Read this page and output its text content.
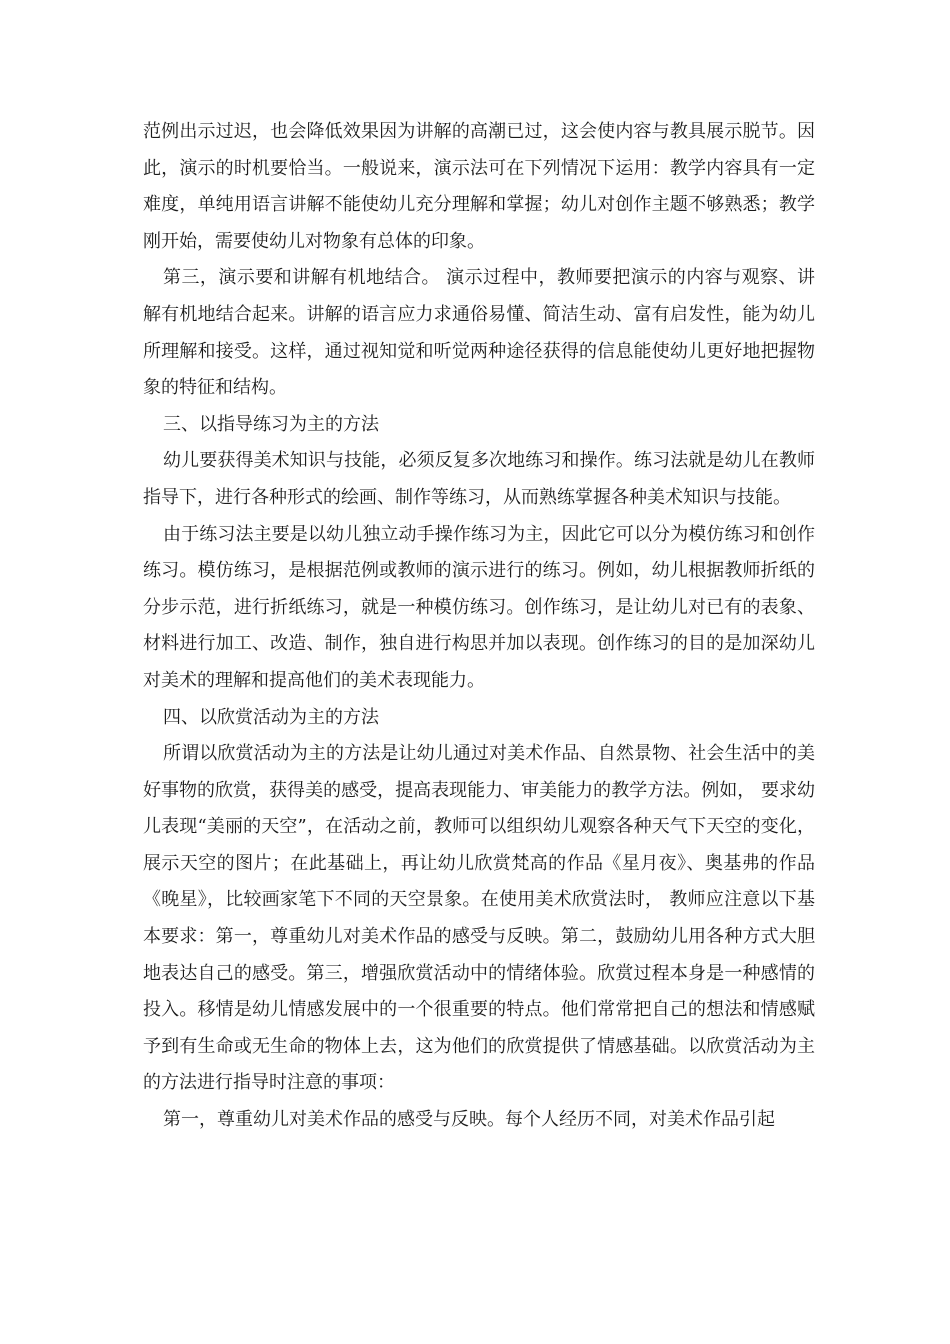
范例出示过迟，也会降低效果因为讲解的高潮已过，这会使内容与教具展示脱节。因此，演示的时机要恰当。一般说来，演示法可在下列情况下运用：教学内容具有一定难度，单纯用语言讲解不能使幼儿充分理解和掌握；幼儿对创作主题不够熟悉；教学刚开始，需要使幼儿对物象有总体的印象。

第三，演示要和讲解有机地结合。 演示过程中，教师要把演示的内容与观察、讲解有机地结合起来。讲解的语言应力求通俗易懂、简洁生动、富有启发性，能为幼儿所理解和接受。这样，通过视知觉和听觉两种途径获得的信息能使幼儿更好地把握物象的特征和结构。

三、以指导练习为主的方法

幼儿要获得美术知识与技能，必须反复多次地练习和操作。练习法就是幼儿在教师指导下，进行各种形式的绘画、制作等练习，从而熟练掌握各种美术知识与技能。

由于练习法主要是以幼儿独立动手操作练习为主，因此它可以分为模仿练习和创作练习。模仿练习，是根据范例或教师的演示进行的练习。例如，幼儿根据教师折纸的分步示范，进行折纸练习，就是一种模仿练习。创作练习，是让幼儿对已有的表象、材料进行加工、改造、制作，独自进行构思并加以表现。创作练习的目的是加深幼儿对美术的理解和提高他们的美术表现能力。

四、以欣赏活动为主的方法

所谓以欣赏活动为主的方法是让幼儿通过对美术作品、自然景物、社会生活中的美好事物的欣赏，获得美的感受，提高表现能力、审美能力的教学方法。例如， 要求幼儿表现“美丽的天空”，在活动之前，教师可以组织幼儿观察各种天气下天空的变化，展示天空的图片；在此基础上，再让幼儿欣赏梵高的作品《星月夜》、奥基弗的作品《晚星》，比较画家笔下不同的天空景象。在使用美术欣赏法时， 教师应注意以下基本要求：第一，尊重幼儿对美术作品的感受与反映。第二，鼓励幼儿用各种方式大胆地表达自己的感受。第三，增强欣赏活动中的情绪体验。欣赏过程本身是一种感情的投入。移情是幼儿情感发展中的一个很重要的特点。他们常常把自己的想法和情感赋予到有生命或无生命的物体上去，这为他们的欣赏提供了情感基础。以欣赏活动为主的方法进行指导时注意的事项：

第一，尊重幼儿对美术作品的感受与反映。每个人经历不同，对美术作品引起
